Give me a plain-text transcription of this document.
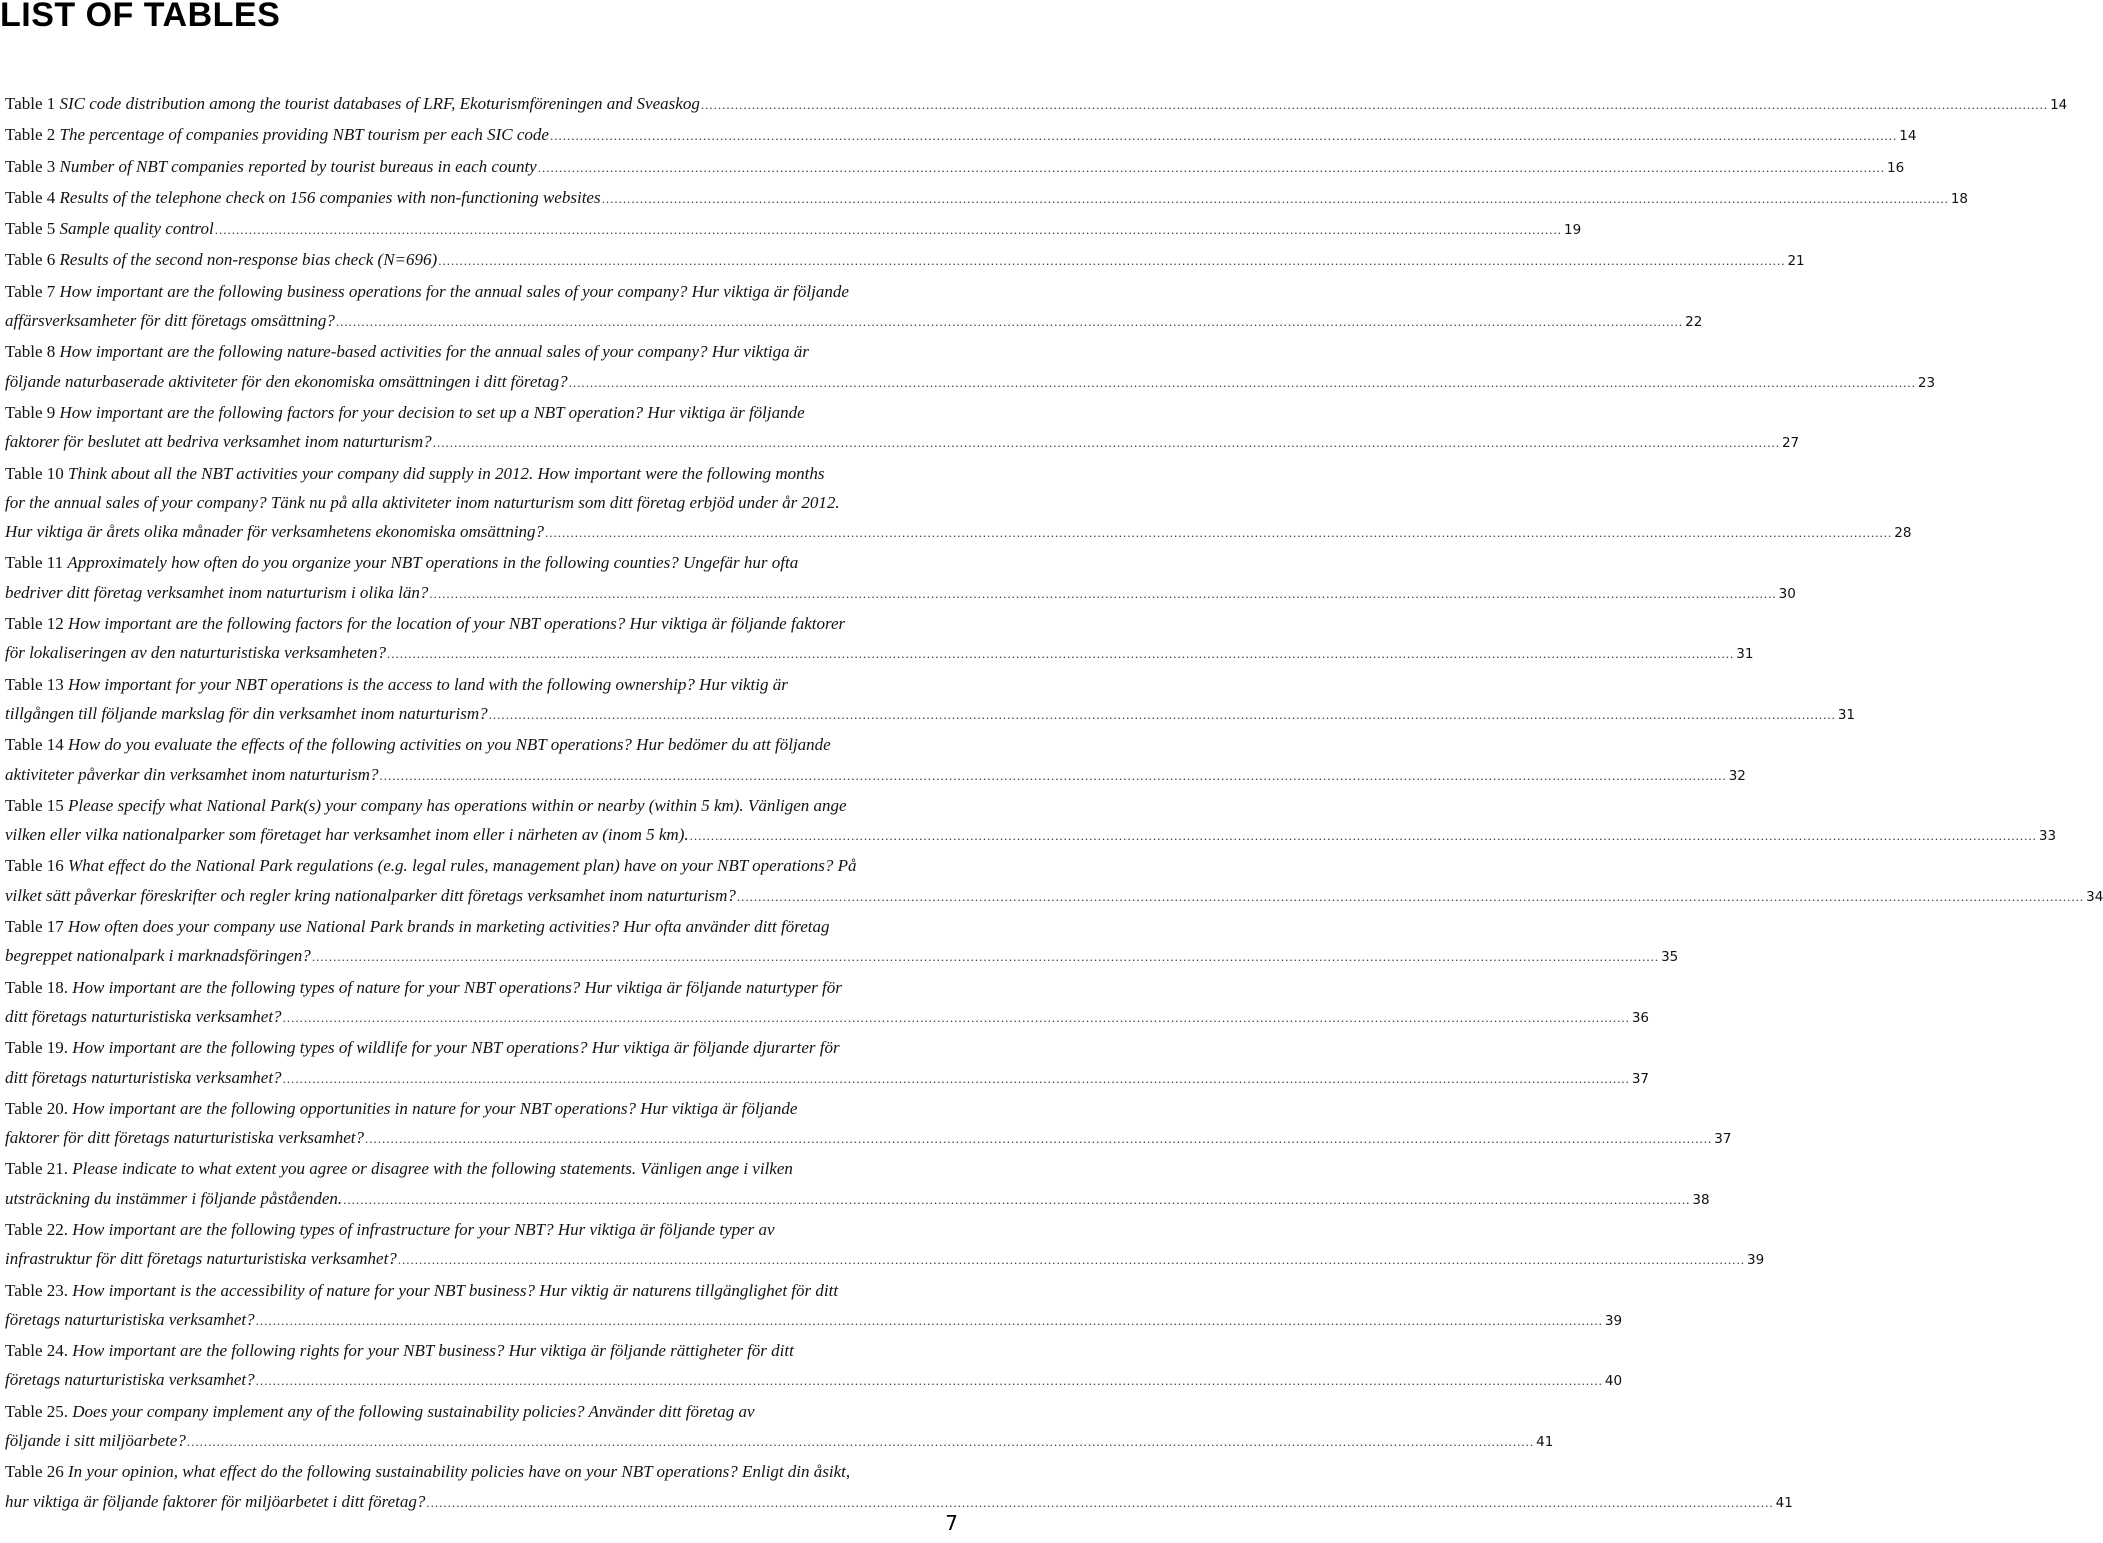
LIST OF TABLES
Table 1 SIC code distribution among the tourist databases of LRF, Ekoturismföreningen and Sveaskog .....	14
Table 2 The percentage of companies providing NBT tourism per each SIC code .....	14
Table 3 Number of NBT companies reported by tourist bureaus in each county .....	16
Table 4 Results of the telephone check on 156 companies with non-functioning websites .....	18
Table 5 Sample quality control .....	19
Table 6 Results of the second non-response bias check (N=696) .....	21
Table 7 How important are the following business operations for the annual sales of your company? Hur viktiga är följande
affärsverksamheter för ditt företags omsättning? .....	22
Table 8 How important are the following nature-based activities for the annual sales of your company? Hur viktiga är
följande naturbaserade aktiviteter för den ekonomiska omsättningen i ditt företag? .....	23
Table 9 How important are the following factors for your decision to set up a NBT operation? Hur viktiga är följande
faktorer för beslutet att bedriva verksamhet inom naturturism? .....	27
Table 10 Think about all the NBT activities your company did supply in 2012. How important were the following months
for the annual sales of your company? Tänk nu på alla aktiviteter inom naturturism som ditt företag erbjöd under år 2012.
Hur viktiga är årets olika månader för verksamhetens ekonomiska omsättning? .....	28
Table 11 Approximately how often do you organize your NBT operations in the following counties? Ungefär hur ofta
bedriver ditt företag verksamhet inom naturturism i olika län? .....	30
Table 12 How important are the following factors for the location of your NBT operations? Hur viktiga är följande faktorer
för lokaliseringen av den naturturistiska verksamheten? .....	31
Table 13 How important for your NBT operations is the access to land with the following ownership? Hur viktig är
tillgången till följande markslag för din verksamhet inom naturturism? .....	31
Table 14 How do you evaluate the effects of the following activities on you NBT operations? Hur bedömer du att följande
aktiviteter påverkar din verksamhet inom naturturism? .....	32
Table 15 Please specify what National Park(s) your company has operations within or nearby (within 5 km). Vänligen ange
vilken eller vilka nationalparker som företaget har verksamhet inom eller i närheten av (inom 5 km). .....	33
Table 16 What effect do the National Park regulations (e.g. legal rules, management plan) have on your NBT operations? På
vilket sätt påverkar föreskrifter och regler kring nationalparker ditt företags verksamhet inom naturturism? .....	34
Table 17 How often does your company use National Park brands in marketing activities? Hur ofta använder ditt företag
begreppet nationalpark i marknadsföringen? .....	35
Table 18. How important are the following types of nature for your NBT operations? Hur viktiga är följande naturtyper för
ditt företags naturturistiska verksamhet? .....	36
Table 19. How important are the following types of wildlife for your NBT operations? Hur viktiga är följande djurarter för
ditt företags naturturistiska verksamhet? .....	37
Table 20. How important are the following opportunities in nature for your NBT operations? Hur viktiga är följande
faktorer för ditt företags naturturistiska verksamhet? .....	37
Table 21. Please indicate to what extent you agree or disagree with the following statements. Vänligen ange i vilken
utsträckning du instämmer i följande påståenden. .....	38
Table 22. How important are the following types of infrastructure for your NBT? Hur viktiga är följande typer av
infrastruktur för ditt företags naturturistiska verksamhet? .....	39
Table 23. How important is the accessibility of nature for your NBT business? Hur viktig är naturens tillgänglighet för ditt
företags naturturistiska verksamhet? .....	39
Table 24. How important are the following rights for your NBT business? Hur viktiga är följande rättigheter för ditt
företags naturturistiska verksamhet? .....	40
Table 25. Does your company implement any of the following sustainability policies? Använder ditt företag av
följande i sitt miljöarbete? .....	41
Table 26 In your opinion, what effect do the following sustainability policies have on your NBT operations? Enligt din åsikt,
hur viktiga är följande faktorer för miljöarbetet i ditt företag? .....	41
7
